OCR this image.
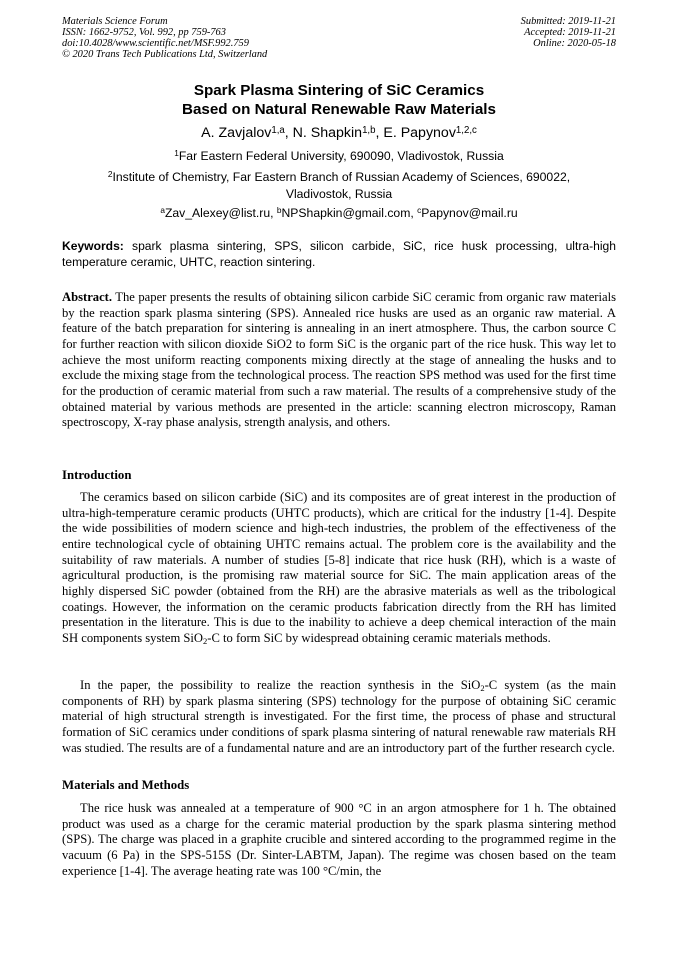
Materials Science Forum
ISSN: 1662-9752, Vol. 992, pp 759-763
doi:10.4028/www.scientific.net/MSF.992.759
© 2020 Trans Tech Publications Ltd, Switzerland
Submitted: 2019-11-21
Accepted: 2019-11-21
Online: 2020-05-18
Spark Plasma Sintering of SiC Ceramics
Based on Natural Renewable Raw Materials
A. Zavjalov$^{1,a}$, N. Shapkin$^{1,b}$, E. Papynov$^{1,2,c}$
$^1$Far Eastern Federal University, 690090, Vladivostok, Russia
$^2$Institute of Chemistry, Far Eastern Branch of Russian Academy of Sciences, 690022,
Vladivostok, Russia
$^a$Zav_Alexey@list.ru, $^b$NPShapkin@gmail.com, $^c$Papynov@mail.ru
Keywords: spark plasma sintering, SPS, silicon carbide, SiC, rice husk processing, ultra-high temperature ceramic, UHTC, reaction sintering.
Abstract. The paper presents the results of obtaining silicon carbide SiC ceramic from organic raw materials by the reaction spark plasma sintering (SPS). Annealed rice husks are used as an organic raw material. A feature of the batch preparation for sintering is annealing in an inert atmosphere. Thus, the carbon source C for further reaction with silicon dioxide SiO2 to form SiC is the organic part of the rice husk. This way let to achieve the most uniform reacting components mixing directly at the stage of annealing the husks and to exclude the mixing stage from the technological process. The reaction SPS method was used for the first time for the production of ceramic material from such a raw material. The results of a comprehensive study of the obtained material by various methods are presented in the article: scanning electron microscopy, Raman spectroscopy, X-ray phase analysis, strength analysis, and others.
Introduction
The ceramics based on silicon carbide (SiC) and its composites are of great interest in the production of ultra-high-temperature ceramic products (UHTC products), which are critical for the industry [1-4]. Despite the wide possibilities of modern science and high-tech industries, the problem of the effectiveness of the entire technological cycle of obtaining UHTC remains actual. The problem core is the availability and the suitability of raw materials. A number of studies [5-8] indicate that rice husk (RH), which is a waste of agricultural production, is the promising raw material source for SiC. The main application areas of the highly dispersed SiC powder (obtained from the RH) are the abrasive materials as well as the tribological coatings. However, the information on the ceramic products fabrication directly from the RH has limited presentation in the literature. This is due to the inability to achieve a deep chemical interaction of the main SH components system SiO$_2$-C to form SiC by widespread obtaining ceramic materials methods.
In the paper, the possibility to realize the reaction synthesis in the SiO$_2$-C system (as the main components of RH) by spark plasma sintering (SPS) technology for the purpose of obtaining SiC ceramic material of high structural strength is investigated. For the first time, the process of phase and structural formation of SiC ceramics under conditions of spark plasma sintering of natural renewable raw materials RH was studied. The results are of a fundamental nature and are an introductory part of the further research cycle.
Materials and Methods
The rice husk was annealed at a temperature of 900 °C in an argon atmosphere for 1 h. The obtained product was used as a charge for the ceramic material production by the spark plasma sintering method (SPS). The charge was placed in a graphite crucible and sintered according to the programmed regime in the vacuum (6 Pa) in the SPS-515S (Dr. Sinter-LABTM, Japan). The regime was chosen based on the team experience [1-4]. The average heating rate was 100 °C/min, the
